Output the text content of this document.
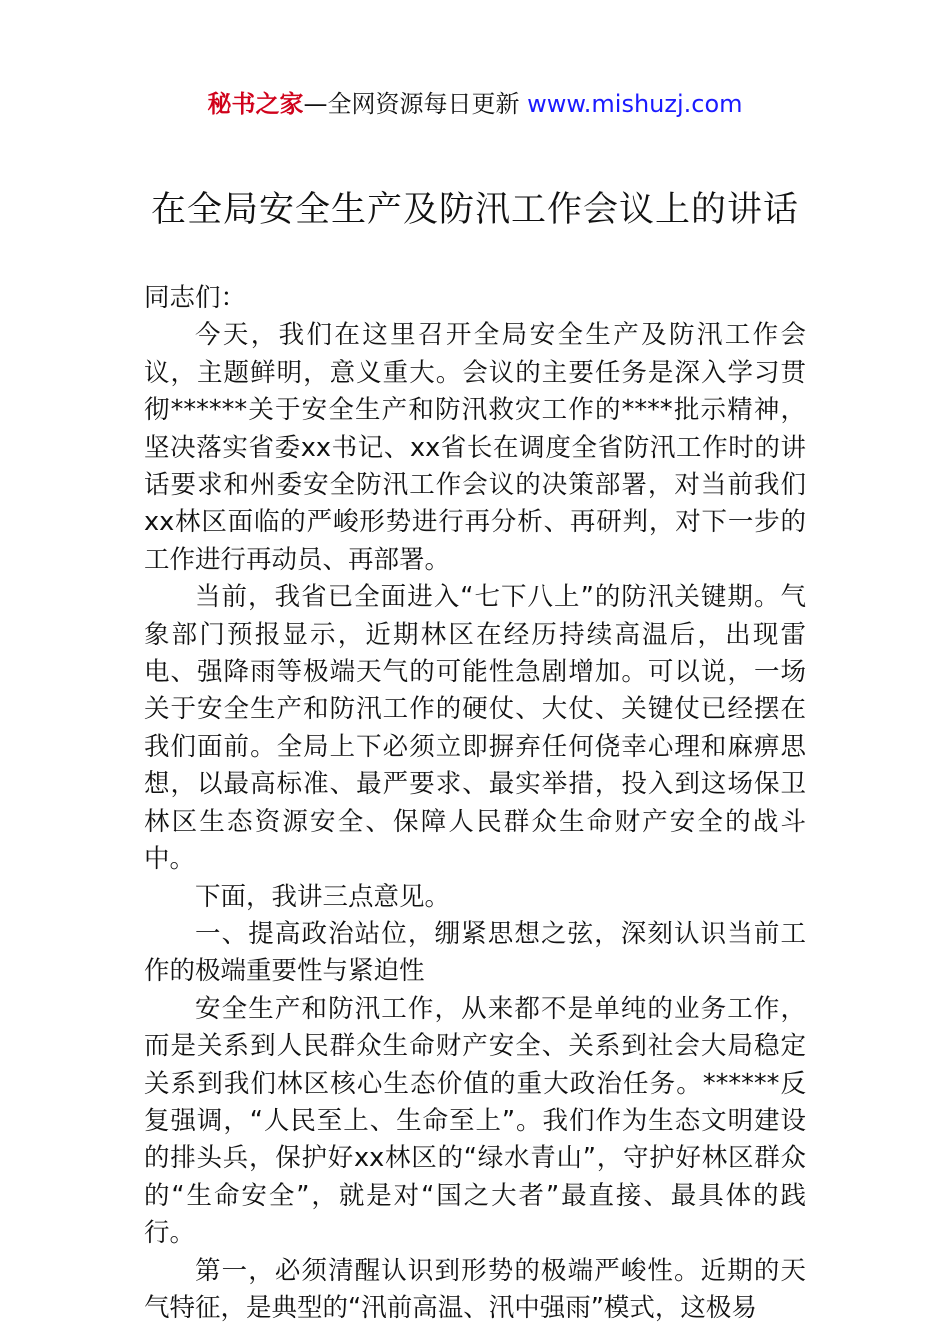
秘书之家—全网资源每日更新 www.mishuzj.com
在全局安全生产及防汛工作会议上的讲话

同志们：

今天，我们在这里召开全局安全生产及防汛工作会议，主题鲜明，意义重大。会议的主要任务是深入学习贯彻******关于安全生产和防汛救灾工作的****批示精神，坚决落实省委xx书记、xx省长在调度全省防汛工作时的讲话要求和州委安全防汛工作会议的决策部署，对当前我们xx林区面临的严峻形势进行再分析、再研判，对下一步的工作进行再动员、再部署。

当前，我省已全面进入“七下八上”的防汛关键期。气象部门预报显示，近期林区在经历持续高温后，出现雷电、强降雨等极端天气的可能性急剧增加。可以说，一场关于安全生产和防汛工作的硬仗、大仗、关键仗已经摆在我们面前。全局上下必须立即摒弃任何侥幸心理和麻痹思想，以最高标准、最严要求、最实举措，投入到这场保卫林区生态资源安全、保障人民群众生命财产安全的战斗中。

下面，我讲三点意见。

一、提高政治站位，绷紧思想之弦，深刻认识当前工作的极端重要性与紧迫性

安全生产和防汛工作，从来都不是单纯的业务工作，而是关系到人民群众生命财产安全、关系到社会大局稳定关系到我们林区核心生态价值的重大政治任务。******反复强调，“人民至上、生命至上”。我们作为生态文明建设的排头兵，保护好xx林区的“绿水青山”，守护好林区群众的“生命安全”，就是对“国之大者”最直接、最具体的践行。

第一，必须清醒认识到形势的极端严峻性。近期的天气特征，是典型的“汛前高温、汛中强雨”模式，这极易
